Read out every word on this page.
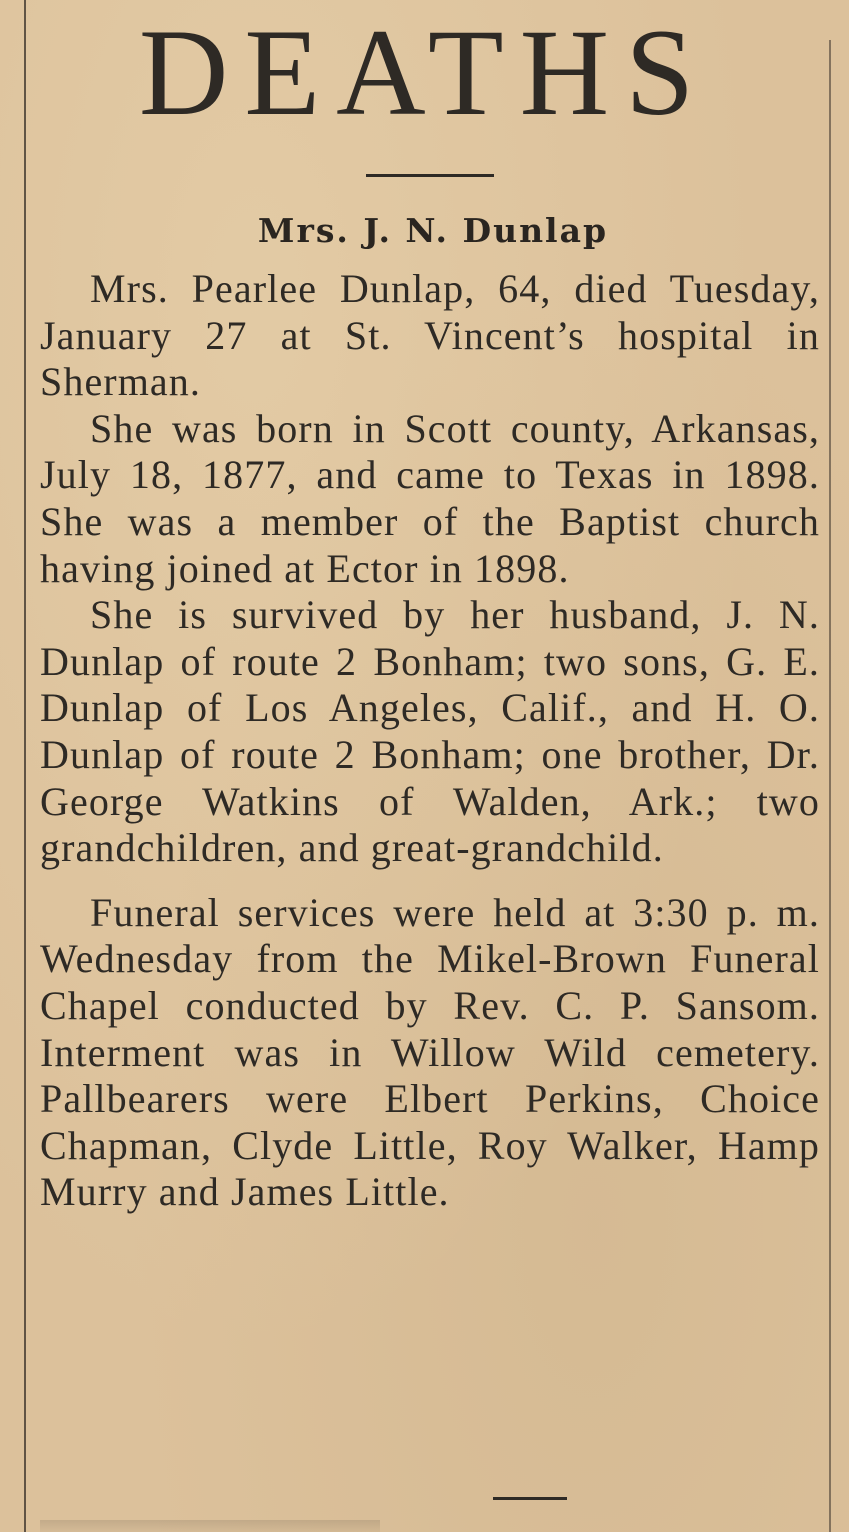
DEATHS
Mrs. J. N. Dunlap

Mrs. Pearlee Dunlap, 64, died Tuesday, January 27 at St. Vincent’s hospital in Sherman.

She was born in Scott county, Arkansas, July 18, 1877, and came to Texas in 1898. She was a member of the Baptist church having joined at Ector in 1898.

She is survived by her husband, J. N. Dunlap of route 2 Bonham; two sons, G. E. Dunlap of Los Angeles, Calif., and H. O. Dunlap of route 2 Bonham; one brother, Dr. George Watkins of Walden, Ark.; two grandchildren, and great-grandchild.

Funeral services were held at 3:30 p. m. Wednesday from the Mikel-Brown Funeral Chapel conducted by Rev. C. P. Sansom. Interment was in Willow Wild cemetery. Pallbearers were Elbert Perkins, Choice Chapman, Clyde Little, Roy Walker, Hamp Murry and James Little.
